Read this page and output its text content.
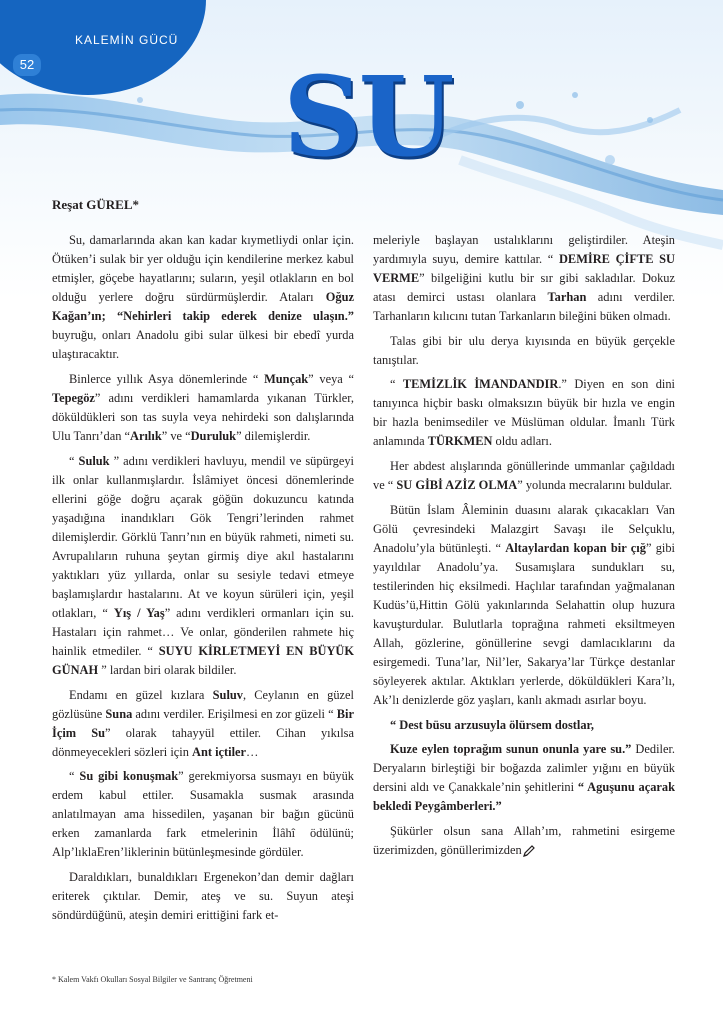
KALEMİN GÜCÜ
52 SU
Reşat GÜREL*

Su, damarlarında akan kan kadar kıymetliydi onlar için. Ötüken’i sulak bir yer olduğu için kendilerine merkez kabul etmişler, göçebe hayatlarını; suların, yeşil otlakların en bol olduğu yerlere doğru sürdürmüşlerdir. Ataları Oğuz Kağan’ın; “Nehirleri takip ederek denize ulaşın.” buyruğu, onları Anadolu gibi sular ülkesi bir ebedî yurda ulaştıracaktır.

Binlerce yıllık Asya dönemlerinde “ Munçak” veya “ Tepegöz” adını verdikleri hamamlarda yıkanan Türkler, döküldükleri son tas suyla veya nehirdeki son dalışlarında Ulu Tanrı’dan “Arılık” ve “Duruluk” dilemişlerdir.

“ Suluk ” adını verdikleri havluyu, mendil ve süpürgeyi ilk onlar kullanmışlardır. İslâmiyet öncesi dönemlerinde ellerini göğe doğru açarak göğün dokuzuncu katında yaşadığına inandıkları Gök Tengri’lerinden rahmet dilemişlerdir. Görklü Tanrı’nın en büyük rahmeti, nimeti su. Avrupalıların ruhuna şeytan girmiş diye akıl hastalarını yaktıkları yüz yıllarda, onlar su sesiyle tedavi etmeye başlamışlardır hastalarını. At ve koyun sürüleri için, yeşil otlakları, “ Yış / Yaş” adını verdikleri ormanları için su. Hastaları için rahmet… Ve onlar, gönderilen rahmete hiç hainlik etmediler. “ SUYU KİRLETMEYİ EN BÜYÜK GÜNAH ” lardan biri olarak bildiler.

Endamı en güzel kızlara Suluv, Ceylanın en güzel gözlüsüne Suna adını verdiler. Erişilmesi en zor güzeli “ Bir İçim Su” olarak tahayyül ettiler. Cihan yıkılsa dönmeyecekleri sözleri için Ant içtiler…

“ Su gibi konuşmak” gerekmiyorsa susmayı en büyük erdem kabul ettiler. Susamakla susmak arasında anlatılmayan ama hissedilen, yaşanan bir bağın gücünü erken zamanlarda fark etmelerinin İlâhî ödülünü; Alp’lıklaEren’liklerinin bütünleşmesinde gördüler.

Daraldıkları, bunaldıkları Ergenekon’dan demir dağları eriterek çıktılar. Demir, ateş ve su. Suyun ateşi söndürdüğünü, ateşin demiri erittiğini fark et-

meleriyle başlayan ustalıklarını geliştirdiler. Ateşin yardımıyla suyu, demire kattılar. “ DEMİRE ÇİFTE SU VERME” bilgeliğini kutlu bir sır gibi sakladılar. Dokuz atası demirci ustası olanlara Tarhan adını verdiler. Tarhanların kılıcını tutan Tarkanların bileğini büken olmadı.

Talas gibi bir ulu derya kıyısında en büyük gerçekle tanıştılar.

“ TEMİZLİK İMANDANDIR.” Diyen en son dini tanıyınca hiçbir baskı olmaksızın büyük bir hızla ve engin bir hazla benimsediler ve Müslüman oldular. İmanlı Türk anlamında TÜRKMEN oldu adları.

Her abdest alışlarında gönüllerinde ummanlar çağıldadı ve “ SU GİBİ AZİZ OLMA” yolunda mecralarını buldular.

Bütün İslam Âleminin duasını alarak çıkacakları Van Gölü çevresindeki Malazgirt Savaşı ile Selçuklu, Anadolu’yla bütünleşti. “ Altaylardan kopan bir çığ” gibi yayıldılar Anadolu’ya. Susamışlara sundukları su, testilerinden hiç eksilmedi. Haçlılar tarafından yağmalanan Kudüs’ü,Hittin Gölü yakınlarında Selahattin olup huzura kavuşturdular. Bulutlarla toprağına rahmeti eksiltmeyen Allah, gözlerine, gönüllerine sevgi damlacıklarını da esirgemedi. Tuna’lar, Nil’ler, Sakarya’lar Türkçe destanlar söyleyerek aktılar. Aktıkları yerlerde, döküldükleri Kara’lı, Ak’lı denizlerde göz yaşları, kanlı akmadı asırlar boyu.

“ Dest büsu arzusuyla ölürsem dostlar,

Kuze eylen toprağım sunun onunla yare su.” Dediler. Deryaların birleştiği bir boğazda zalimler yığını en büyük dersini aldı ve Çanakkale’nin şehitlerini “ Aguşunu açarak bekledi Peygâmberleri.”

Şükürler olsun sana Allah’ım, rahmetini esirgeme üzerimizden, gönüllerimizden

* Kalem Vakfı Okulları Sosyal Bilgiler ve Santranç Öğretmeni
